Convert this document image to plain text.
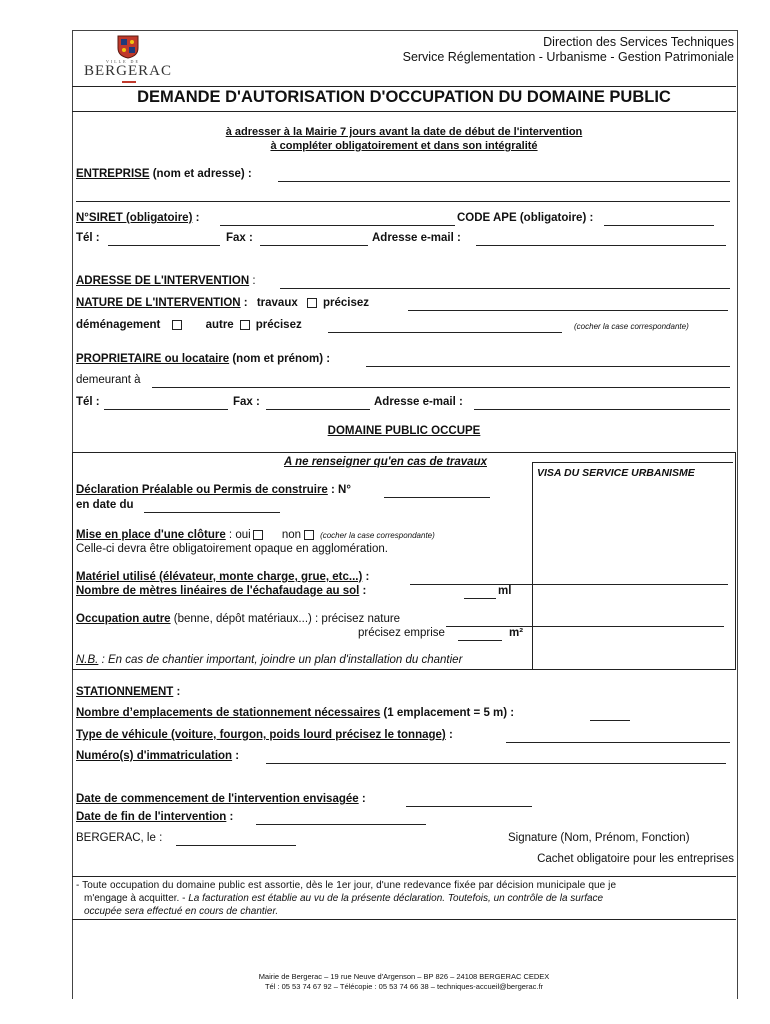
VILLE DE
BERGERAC
Direction des Services Techniques
Service Réglementation - Urbanisme - Gestion Patrimoniale
DEMANDE D'AUTORISATION D'OCCUPATION DU DOMAINE PUBLIC
à adresser à la Mairie 7 jours avant la date de début de l'intervention
à compléter obligatoirement et dans son intégralité
ENTREPRISE (nom et adresse) :
N°SIRET (obligatoire) :	CODE APE (obligatoire) :
Tél :	Fax :	Adresse e-mail :
ADRESSE DE L'INTERVENTION :
NATURE DE L'INTERVENTION : travaux précisez
déménagement	autre précisez	(cocher la case correspondante)
PROPRIETAIRE ou locataire (nom et prénom) :
demeurant à
Tél :	Fax :	Adresse e-mail :
DOMAINE PUBLIC OCCUPE
A ne renseigner qu'en cas de travaux
VISA DU SERVICE URBANISME
Déclaration Préalable ou Permis de construire : N°
en date du
Mise en place d'une clôture : oui	non (cocher la case correspondante)
Celle-ci devra être obligatoirement opaque en agglomération.
Matériel utilisé (élévateur, monte charge, grue, etc...) :
Nombre de mètres linéaires de l'échafaudage au sol :	ml
Occupation autre (benne, dépôt matériaux...) : précisez nature
précisez emprise	m²
N.B. : En cas de chantier important, joindre un plan d'installation du chantier
STATIONNEMENT :
Nombre d’emplacements de stationnement nécessaires (1 emplacement = 5 m) :
Type de véhicule (voiture, fourgon, poids lourd précisez le tonnage) :
Numéro(s) d'immatriculation :
Date de commencement de l'intervention envisagée :
Date de fin de l'intervention :
BERGERAC, le :	Signature (Nom, Prénom, Fonction)
Cachet obligatoire pour les entreprises
- Toute occupation du domaine public est assortie, dès le 1er jour, d'une redevance fixée par décision municipale que je
m'engage à acquitter. - La facturation est établie au vu de la présente déclaration. Toutefois, un contrôle de la surface
occupée sera effectué en cours de chantier.
Mairie de Bergerac – 19 rue Neuve d'Argenson – BP 826 – 24108 BERGERAC CEDEX
Tél : 05 53 74 67 92 – Télécopie : 05 53 74 66 38 – techniques-accueil@bergerac.fr
